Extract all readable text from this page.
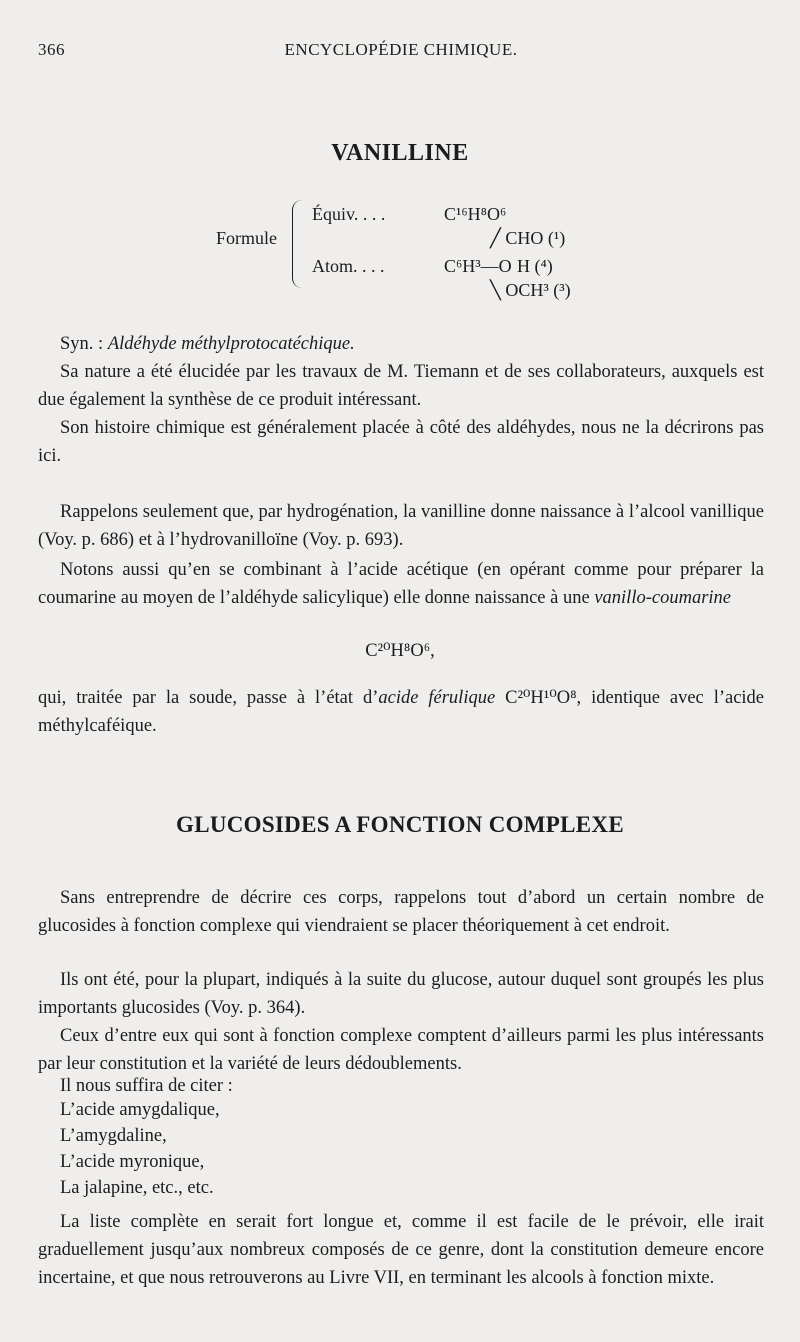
366	ENCYCLOPÉDIE CHIMIQUE.
VANILLINE
Formule
Équiv. . . .	C¹⁶H⁸O⁶
╱ CHO (¹)
Atom. . . .	C⁶H³—O H (⁴)
╲ OCH³ (³)

Syn. : Aldéhyde méthylprotocatéchique.

Sa nature a été élucidée par les travaux de M. Tiemann et de ses collaborateurs, auxquels est due également la synthèse de ce produit intéressant.

Son histoire chimique est généralement placée à côté des aldéhydes, nous ne la décrirons pas ici.

Rappelons seulement que, par hydrogénation, la vanilline donne naissance à l’alcool vanillique (Voy. p. 686) et à l’hydrovanilloïne (Voy. p. 693).

Notons aussi qu’en se combinant à l’acide acétique (en opérant comme pour préparer la coumarine au moyen de l’aldéhyde salicylique) elle donne naissance à une vanillo-coumarine

C²⁰H⁸O⁶,

qui, traitée par la soude, passe à l’état d’acide férulique C²⁰H¹⁰O⁸, identique avec l’acide méthylcaféique.

GLUCOSIDES A FONCTION COMPLEXE

Sans entreprendre de décrire ces corps, rappelons tout d’abord un certain nombre de glucosides à fonction complexe qui viendraient se placer théoriquement à cet endroit.

Ils ont été, pour la plupart, indiqués à la suite du glucose, autour duquel sont groupés les plus importants glucosides (Voy. p. 364).

Ceux d’entre eux qui sont à fonction complexe comptent d’ailleurs parmi les plus intéressants par leur constitution et la variété de leurs dédoublements.

Il nous suffira de citer :

L’acide amygdalique,
L’amygdaline,
L’acide myronique,
La jalapine, etc., etc.

La liste complète en serait fort longue et, comme il est facile de le prévoir, elle irait graduellement jusqu’aux nombreux composés de ce genre, dont la constitution demeure encore incertaine, et que nous retrouverons au Livre VII, en terminant les alcools à fonction mixte.
